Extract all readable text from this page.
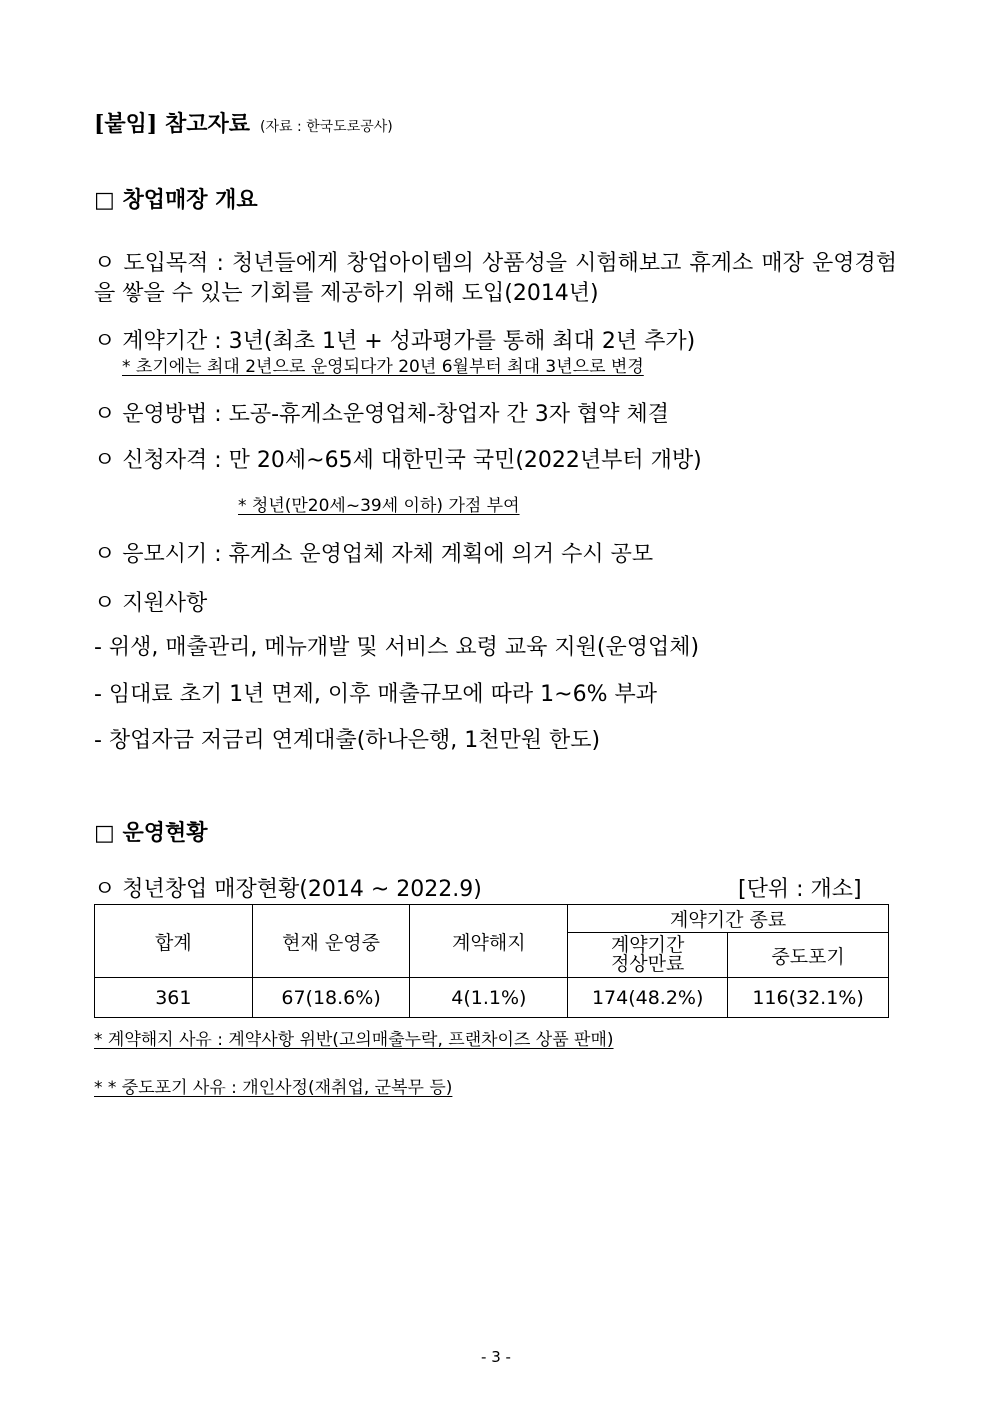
[붙임] 참고자료 (자료 : 한국도로공사)
□ 창업매장 개요
ㅇ 도입목적 : 청년들에게 창업아이템의 상품성을 시험해보고 휴게소 매장 운영경험을 쌓을 수 있는 기회를 제공하기 위해 도입(2014년)
ㅇ 계약기간 : 3년(최초 1년 + 성과평가를 통해 최대 2년 추가)
* 초기에는 최대 2년으로 운영되다가 20년 6월부터 최대 3년으로 변경
ㅇ 운영방법 : 도공-휴게소운영업체-창업자 간 3자 협약 체결
ㅇ 신청자격 : 만 20세~65세 대한민국 국민(2022년부터 개방)
* 청년(만20세~39세 이하) 가점 부여
ㅇ 응모시기 : 휴게소 운영업체 자체 계획에 의거 수시 공모
ㅇ 지원사항
- 위생, 매출관리, 메뉴개발 및 서비스 요령 교육 지원(운영업체)
- 임대료 초기 1년 면제, 이후 매출규모에 따라 1~6% 부과
- 창업자금 저금리 연계대출(하나은행, 1천만원 한도)
□ 운영현황
ㅇ 청년창업 매장현황(2014 ~ 2022.9)	[단위 : 개소]
합계	현재 운영중	계약해지	계약기간 종료	

			계약기간 정상만료	중도포기
361	67(18.6%)	4(1.1%)	174(48.2%)	116(32.1%)
* 계약해지 사유 : 계약사항 위반(고의매출누락, 프랜차이즈 상품 판매)
* * 중도포기 사유 : 개인사정(재취업, 군복무 등)
- 3 -
